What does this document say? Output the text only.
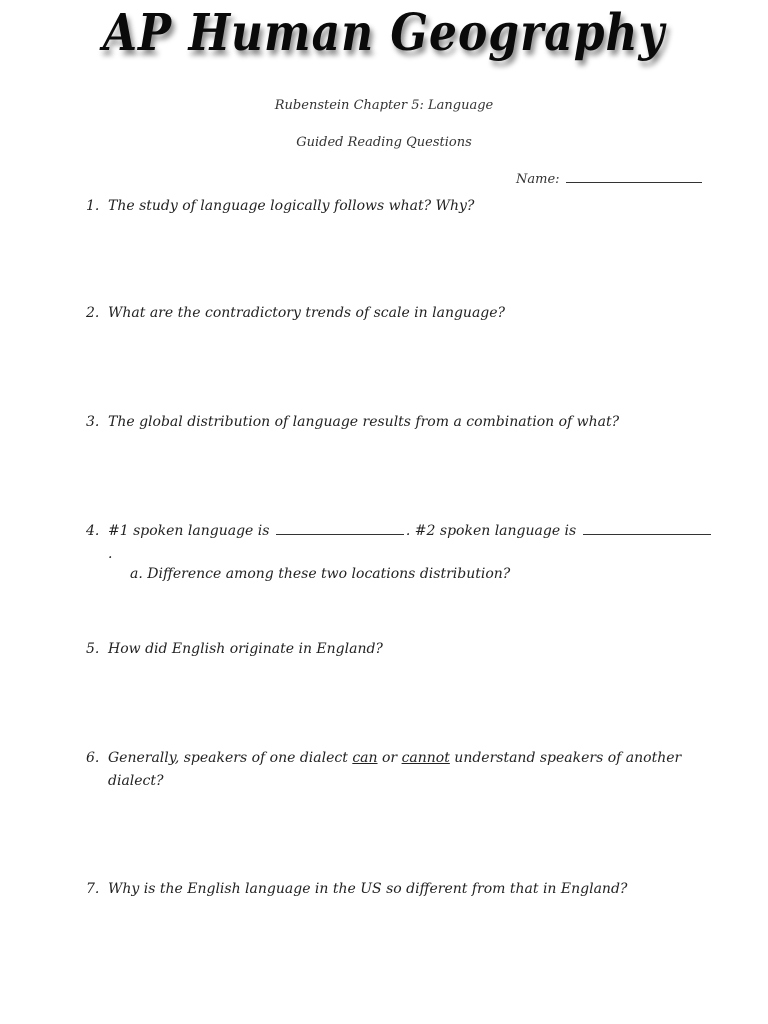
AP Human Geography
Rubenstein Chapter 5: Language
Guided Reading Questions
Name:
1. The study of language logically follows what? Why?
2. What are the contradictory trends of scale in language?
3. The global distribution of language results from a combination of what?
4. #1 spoken language is	. #2 spoken language is .
a. Difference among these two locations distribution?
5. How did English originate in England?
6. Generally, speakers of one dialect can or cannot understand speakers of another dialect?
7. Why is the English language in the US so different from that in England?
